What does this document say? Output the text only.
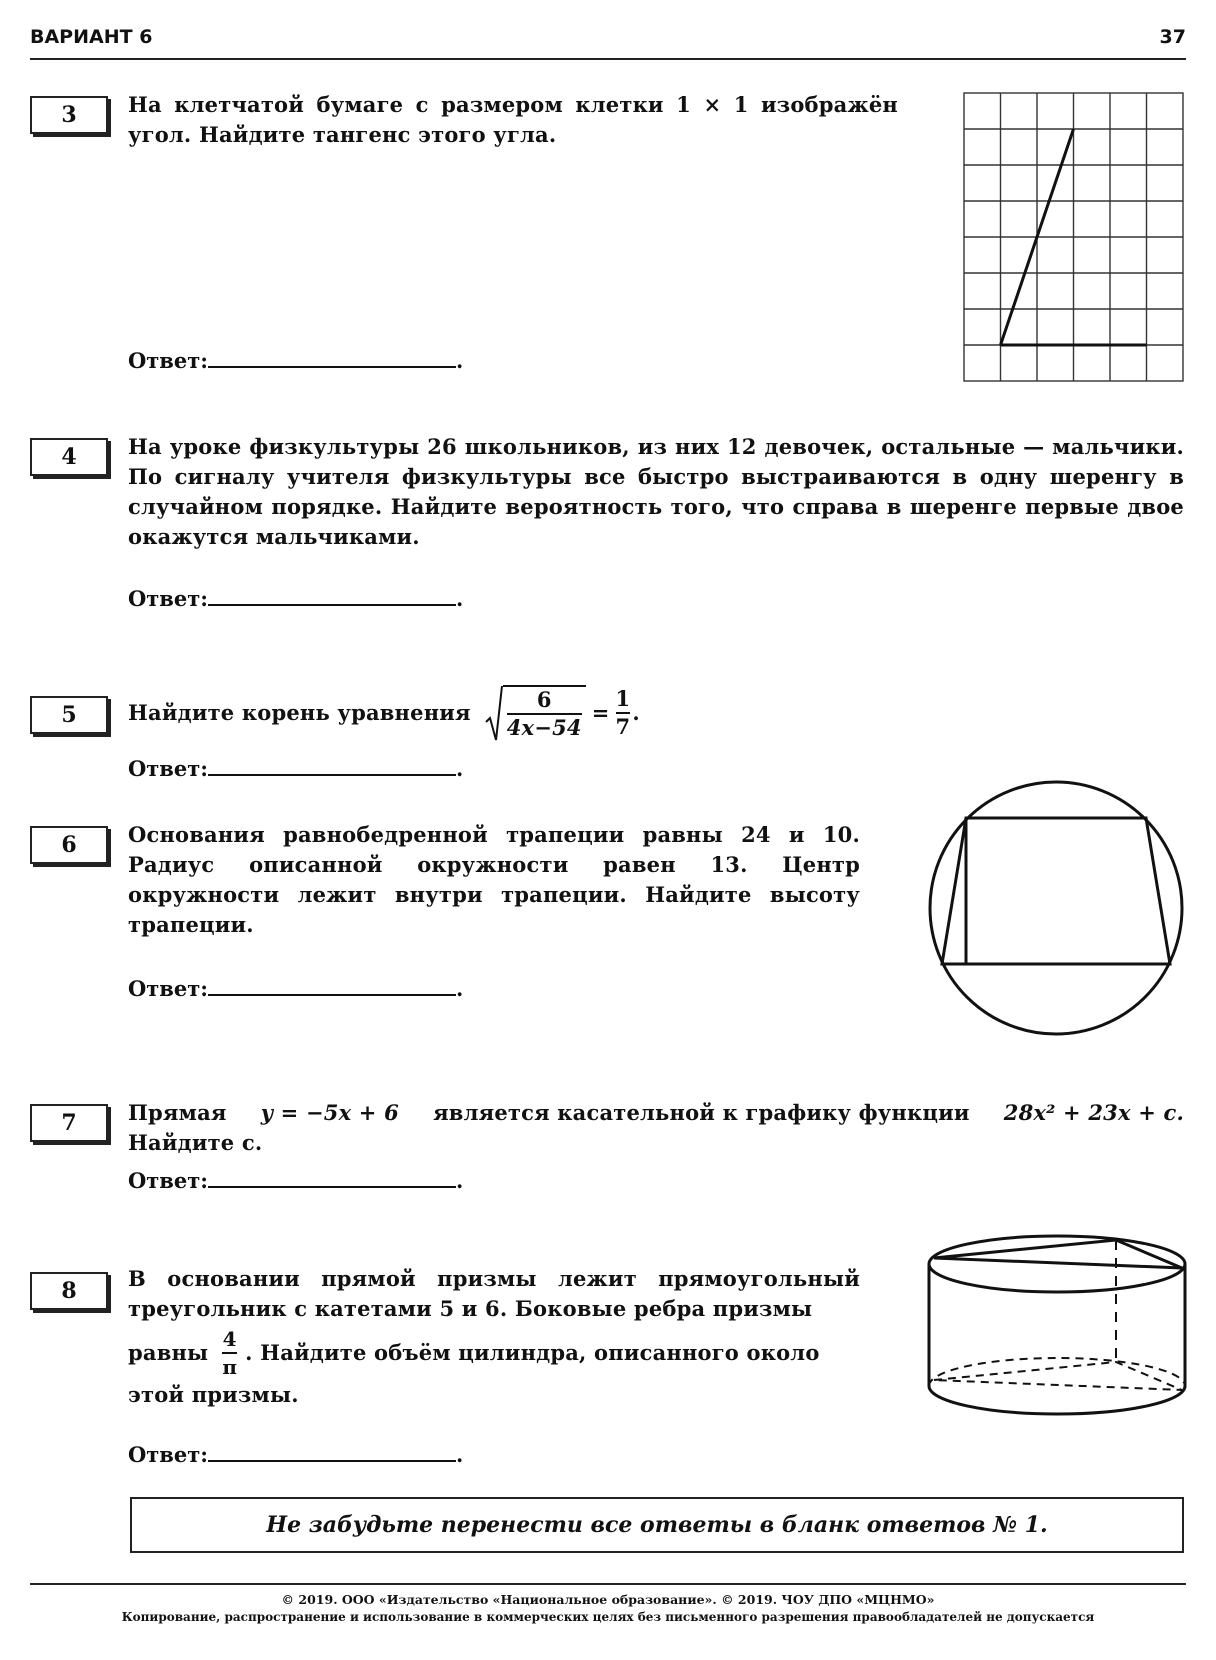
ВАРИАНТ 6	37
3	На клетчатой бумаге с размером клетки 1 × 1 изображён
угол. Найдите тангенс этого угла.
Ответ:	.
4	На уроке физкультуры 26 школьников, из них 12 девочек, остальные — мальчики. По сигналу учителя физкультуры все быстро выстраиваются в одну шеренгу в случайном порядке. Найдите вероятность того, что справа в шеренге первые двое окажутся мальчиками.
Ответ:	.
5	Найдите корень уравнения $\frac{6}{4x-54} = \frac{1}{7}$ .
Ответ:	.
6	Основания равнобедренной трапеции равны 24 и 10. Радиус описанной окружности равен 13. Центр окружности лежит внутри трапеции. Найдите высоту трапеции.
Ответ:	.
7	Прямая y = −5x + 6 является касательной к графику функции 28x² + 23x + c.
Найдите c.
Ответ:	.
8	В основании прямой призмы лежит прямоугольный треугольник с катетами 5 и 6. Боковые ребра призмы
равны $\frac{4}{\pi}$ . Найдите объём цилиндра, описанного около
этой призмы.
Ответ:	.
Не забудьте перенести все ответы в бланк ответов № 1.
© 2019. ООО «Издательство «Национальное образование». © 2019. ЧОУ ДПО «МЦНМО»
Копирование, распространение и использование в коммерческих целях без письменного разрешения правообладателей не допускается
